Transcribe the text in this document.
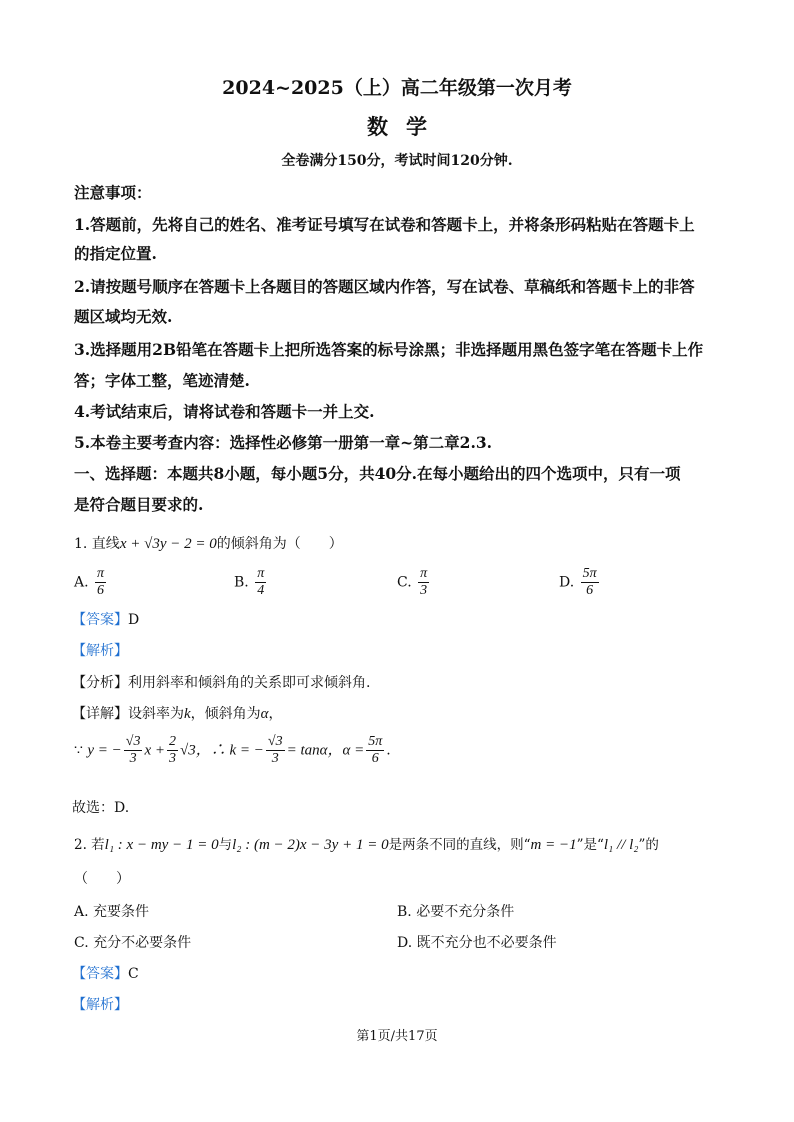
2024~2025（上）高二年级第一次月考
数学
全卷满分150分，考试时间120分钟.
注意事项：
1.答题前，先将自己的姓名、准考证号填写在试卷和答题卡上，并将条形码粘贴在答题卡上
的指定位置.
2.请按题号顺序在答题卡上各题目的答题区域内作答，写在试卷、草稿纸和答题卡上的非答
题区域均无效.
3.选择题用2B铅笔在答题卡上把所选答案的标号涂黑；非选择题用黑色签字笔在答题卡上作
答；字体工整，笔迹清楚.
4.考试结束后，请将试卷和答题卡一并上交.
5.本卷主要考查内容：选择性必修第一册第一章~第二章2.3.
一、选择题：本题共8小题，每小题5分，共40分.在每小题给出的四个选项中，只有一项
是符合题目要求的.
1. 直线x + √3y − 2 = 0的倾斜角为（　　）
A. $\frac{\pi}{6}$	B. $\frac{\pi}{4}$	C. $\frac{\pi}{3}$	D. $\frac{5\pi}{6}$
【答案】D
【解析】
【分析】利用斜率和倾斜角的关系即可求倾斜角.
【详解】设斜率为k，倾斜角为α，
∵ y = − $\frac{√3}{3}$ $x + \frac{2}{3} √3$，∴ k = − $\frac{√3}{3} = \tan\alpha$，$\alpha = \frac{5\pi}{6}$ .
故选：D.
2. 若l₁ : x − my − 1 = 0与l₂ : (m − 2)x − 3y + 1 = 0是两条不同的直线，则“m = −1”是“l₁ // l₂”的
（　　）
A. 充要条件	B. 必要不充分条件
C. 充分不必要条件	D. 既不充分也不必要条件
【答案】C
【解析】
第1页/共17页
